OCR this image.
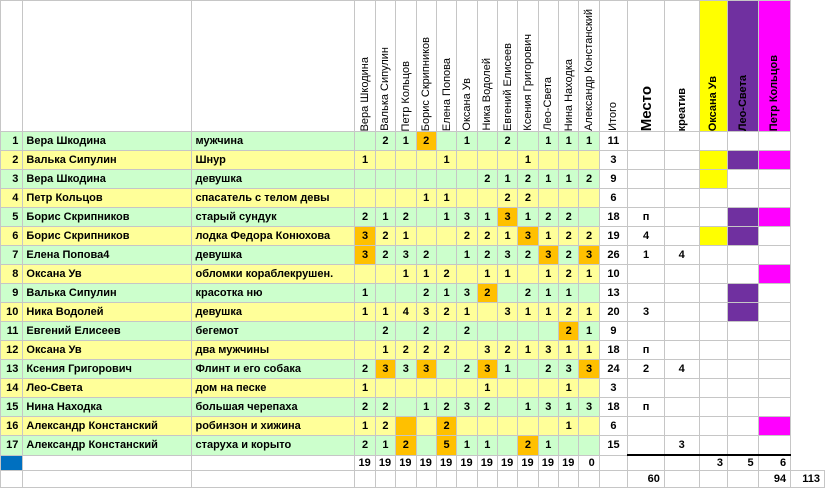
			Вера Шкодина	Валька Сипулин	Петр Кольцов	Борис Скрипников	Елена Попова	Оксана Ув	Ника Водолей	Евгений Елисеев	Ксения Григорович	Лео-Света	Нина Находка	Александр Констанский	Итого	Место	креатив	Оксана Ув	Лео-Света	Петр Кольцов	

1	Вера Шкодина	мужчина		2	1	2		1		2		1	1	1	11						
2	Валька Сипулин	Шнур	1				1				1				3						
3	Вера Шкодина	девушка							2	1	2	1	1	2	9						
4	Петр Кольцов	спасатель с телом девы				1	1			2	2				6						
5	Борис Скрипников	старый сундук	2	1	2		1	3	1	3	1	2	2		18	п					
6	Борис Скрипников	лодка Федора Конюхова	3	2	1			2	2	1	3	1	2	2	19	4					
7	Елена Попова4	девушка	3	2	3	2		1	2	3	2	3	2	3	26	1	4				
8	Оксана Ув	обломки кораблекрушен.			1	1	2		1	1		1	2	1	10						
9	Валька Сипулин	красотка ню	1			2	1	3	2		2	1	1		13						
10	Ника Водолей	девушка	1	1	4	3	2	1		3	1	1	2	1	20	3					
11	Евгений Елисеев	бегемот		2		2		2					2	1	9						
12	Оксана Ув	два мужчины		1	2	2	2		3	2	1	3	1	1	18	п					
13	Ксения Григорович	Флинт и его собака	2	3	3	3		2	3	1		2	3	3	24	2	4				
14	Лео-Света	дом на песке	1						1				1		3						
15	Нина Находка	большая черепаха	2	2		1	2	3	2		1	3	1	3	18	п					
16	Александр Констанский	робинзон и хижина	1	2			2						1		6						
17	Александр Констанский	старуха и корыто	2	1	2		5	1	1		2	1			15		3				
			19	19	19	19	19	19	19	19	19	19	19	0				3	5	6	
																60				94	113
